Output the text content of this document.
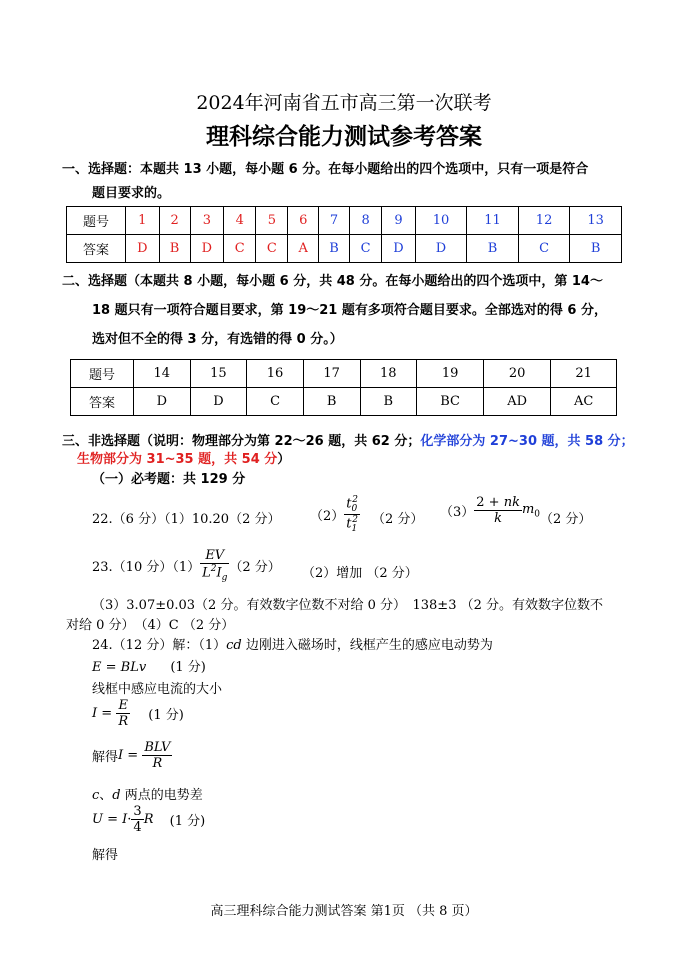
2024年河南省五市高三第一次联考
理科综合能力测试参考答案
一、选择题：本题共 13 小题，每小题 6 分。在每小题给出的四个选项中，只有一项是符合
题目要求的。
题号	1	2	3	4	5	6	7	8	9	10	11	12	13
答案	D	B	D	C	C	A	B	C	D	D	B	C	B
二、选择题（本题共 8 小题，每小题 6 分，共 48 分。在每小题给出的四个选项中，第 14～
18 题只有一项符合题目要求，第 19～21 题有多项符合题目要求。全部选对的得 6 分，
选对但不全的得 3 分，有选错的得 0 分。）
题号	14	15	16	17	18	19	20	21
答案	D	D	C	B	B	BC	AD	AC
三、非选择题（说明：物理部分为第 22～26 题，共 62 分；化学部分为 27~30 题，共 58 分；
生物部分为 31~35 题，共 54 分）
（一）必考题：共 129 分
22.（6 分）（1）10.20（2 分） $(2) \frac{t_0^2}{t_1^2} (2$ 分） $(3) \frac{2 + nk}{k} m_0$ （2 分）
23.（10 分）$(1) \frac{EV}{L^2I_g} (2$ 分） （2）增加 （2 分）
（3）3.07±0.03（2 分。有效数字位数不对给 0 分）　138±3 （2 分。有效数字位数不
对给 0 分）　（4）C （2 分）
24.（12 分）解：（1）cd 边刚进入磁场时，线框产生的感应电动势为
E = BLv (1 分)
线框中感应电流的大小
$I = \frac{E}{R} (1$ 分)
解得$I = \frac{\text{BLV}}{R}$
c、d 两点的电势差
$U = I\cdot \frac{3}{4}$ R (1 分)
解得
高三理科综合能力测试答案 第1页 （共 8 页）
